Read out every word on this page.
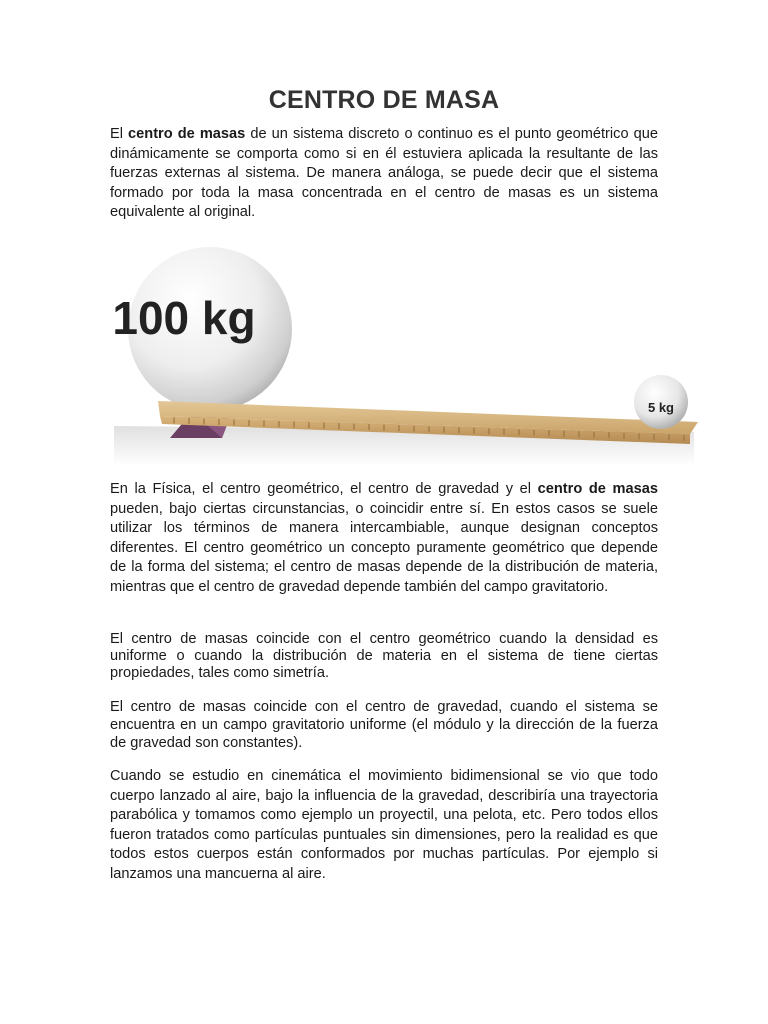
CENTRO DE MASA

El centro de masas de un sistema discreto o continuo es el punto geométrico que dinámicamente se comporta como si en él estuviera aplicada la resultante de las fuerzas externas al sistema. De manera análoga, se puede decir que el sistema formado por toda la masa concentrada en el centro de masas es un sistema equivalente al original.

100 kg
5 kg

En la Física, el centro geométrico, el centro de gravedad y el centro de masas pueden, bajo ciertas circunstancias, o coincidir entre sí. En estos casos se suele utilizar los términos de manera intercambiable, aunque designan conceptos diferentes. El centro geométrico un concepto puramente geométrico que depende de la forma del sistema; el centro de masas depende de la distribución de materia, mientras que el centro de gravedad depende también del campo gravitatorio.

El centro de masas coincide con el centro geométrico cuando la densidad es uniforme o cuando la distribución de materia en el sistema de tiene ciertas propiedades, tales como simetría.

El centro de masas coincide con el centro de gravedad, cuando el sistema se encuentra en un campo gravitatorio uniforme (el módulo y la dirección de la fuerza de gravedad son constantes).

Cuando se estudio en cinemática el movimiento bidimensional se vio que todo cuerpo lanzado al aire, bajo la influencia de la gravedad, describiría una trayectoria parabólica y tomamos como ejemplo un proyectil, una pelota, etc. Pero todos ellos fueron tratados como partículas puntuales sin dimensiones, pero la realidad es que todos estos cuerpos están conformados por muchas partículas. Por ejemplo si lanzamos una mancuerna al aire.
